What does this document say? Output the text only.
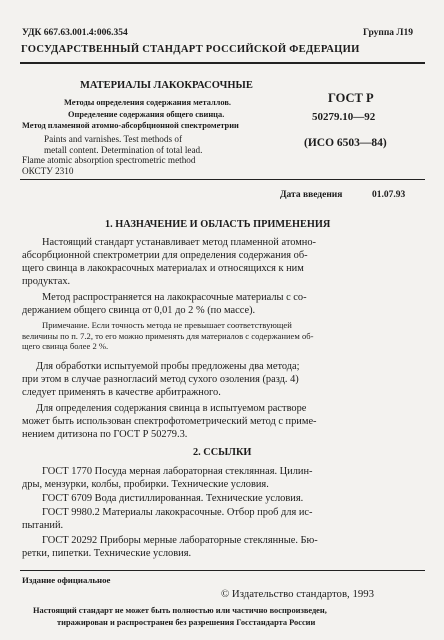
УДК 667.63.001.4:006.354	Группа Л19
ГОСУДАРСТВЕННЫЙ СТАНДАРТ РОССИЙСКОЙ ФЕДЕРАЦИИ
МАТЕРИАЛЫ ЛАКОКРАСОЧНЫЕ
Методы определения содержания металлов.
Определение содержания общего свинца.
Метод пламенной атомно-абсорбционной спектрометрии
Paints and varnishes. Test methods of
metall content. Determination of total lead.
Flame atomic absorption spectrometric method
ОКСТУ 2310
ГОСТ Р
50279.10—92
(ИСО 6503—84)
Дата введения	01.07.93
1. НАЗНАЧЕНИЕ И ОБЛАСТЬ ПРИМЕНЕНИЯ
Настоящий стандарт устанавливает метод пламенной атомно-
абсорбционной спектрометрии для определения содержания об-
щего свинца в лакокрасочных материалах и относящихся к ним
продуктах.
Метод распространяется на лакокрасочные материалы с со-
держанием общего свинца от 0,01 до 2 % (по массе).
Примечание. Если точность метода не превышает соответствующей
величины по п. 7.2, то его можно применять для материалов с содержанием об-
щего свинца более 2 %.
Для обработки испытуемой пробы предложены два метода;
при этом в случае разногласий метод сухого озоления (разд. 4)
следует применять в качестве арбитражного.
Для определения содержания свинца в испытуемом растворе
может быть использован спектрофотометрический метод с приме-
нением дитизона по ГОСТ Р 50279.3.
2. ССЫЛКИ
ГОСТ 1770 Посуда мерная лабораторная стеклянная. Цилин-
дры, мензурки, колбы, пробирки. Технические условия.
ГОСТ 6709 Вода дистиллированная. Технические условия.
ГОСТ 9980.2 Материалы лакокрасочные. Отбор проб для ис-
пытаний.
ГОСТ 20292 Приборы мерные лабораторные стеклянные. Бю-
ретки, пипетки. Технические условия.
Издание официальное
© Издательство стандартов, 1993
Настоящий стандарт не может быть полностью или частично воспроизведен,
тиражирован и распространен без разрешения Госстандарта России
